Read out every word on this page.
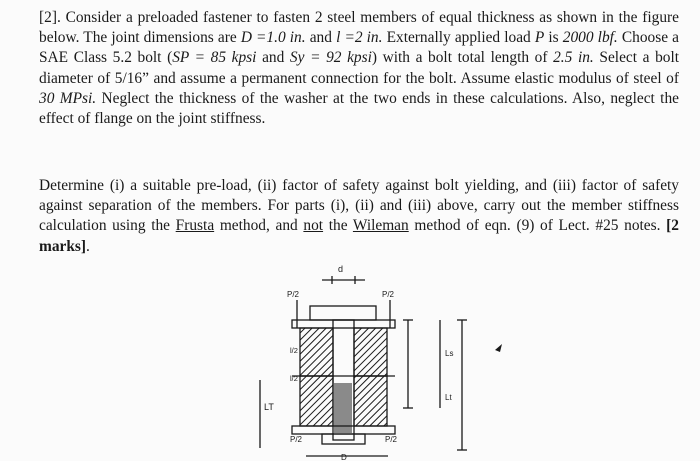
[2]. Consider a preloaded fastener to fasten 2 steel members of equal thickness as shown in the figure below. The joint dimensions are D =1.0 in. and l =2 in. Externally applied load P is 2000 lbf. Choose a SAE Class 5.2 bolt (SP = 85 kpsi and Sy = 92 kpsi) with a bolt total length of 2.5 in. Select a bolt diameter of 5/16” and assume a permanent connection for the bolt. Assume elastic modulus of steel of 30 MPsi. Neglect the thickness of the washer at the two ends in these calculations. Also, neglect the effect of flange on the joint stiffness.
Determine (i) a suitable pre-load, (ii) factor of safety against bolt yielding, and (iii) factor of safety against separation of the members. For parts (i), (ii) and (iii) above, carry out the member stiffness calculation using the Frusta method, and not the Wileman method of eqn. (9) of Lect. #25 notes. [2 marks].
d
P/2	P/2
l/2
l/2
LT
P/2	P/2
D
Ls
Lt
